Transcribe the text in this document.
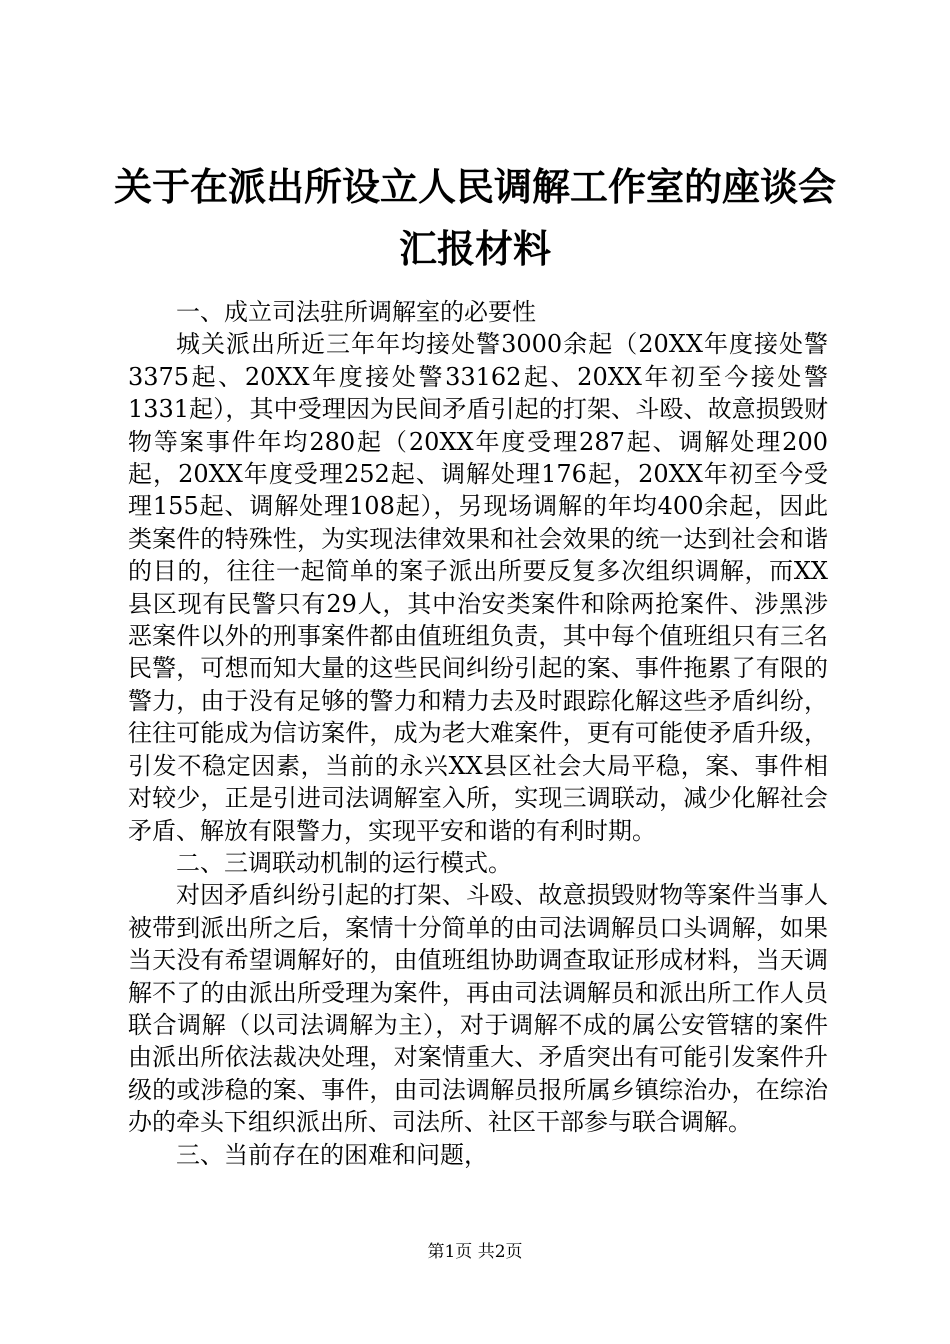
关于在派出所设立人民调解工作室的座谈会汇报材料

一、成立司法驻所调解室的必要性

城关派出所近三年年均接处警3000余起（20XX年度接处警3375起、20XX年度接处警33162起、20XX年初至今接处警1331起），其中受理因为民间矛盾引起的打架、斗殴、故意损毁财物等案事件年均280起（20XX年度受理287起、调解处理200起，20XX年度受理252起、调解处理176起，20XX年初至今受理155起、调解处理108起），另现场调解的年均400余起，因此类案件的特殊性，为实现法律效果和社会效果的统一达到社会和谐的目的，往往一起简单的案子派出所要反复多次组织调解，而XX县区现有民警只有29人，其中治安类案件和除两抢案件、涉黑涉恶案件以外的刑事案件都由值班组负责，其中每个值班组只有三名民警，可想而知大量的这些民间纠纷引起的案、事件拖累了有限的警力，由于没有足够的警力和精力去及时跟踪化解这些矛盾纠纷，往往可能成为信访案件，成为老大难案件，更有可能使矛盾升级，引发不稳定因素，当前的永兴XX县区社会大局平稳，案、事件相对较少，正是引进司法调解室入所，实现三调联动，减少化解社会矛盾、解放有限警力，实现平安和谐的有利时期。

二、三调联动机制的运行模式。

对因矛盾纠纷引起的打架、斗殴、故意损毁财物等案件当事人被带到派出所之后，案情十分简单的由司法调解员口头调解，如果当天没有希望调解好的，由值班组协助调查取证形成材料，当天调解不了的由派出所受理为案件，再由司法调解员和派出所工作人员联合调解（以司法调解为主），对于调解不成的属公安管辖的案件由派出所依法裁决处理，对案情重大、矛盾突出有可能引发案件升级的或涉稳的案、事件，由司法调解员报所属乡镇综治办，在综治办的牵头下组织派出所、司法所、社区干部参与联合调解。

三、当前存在的困难和问题，

第1页 共2页
